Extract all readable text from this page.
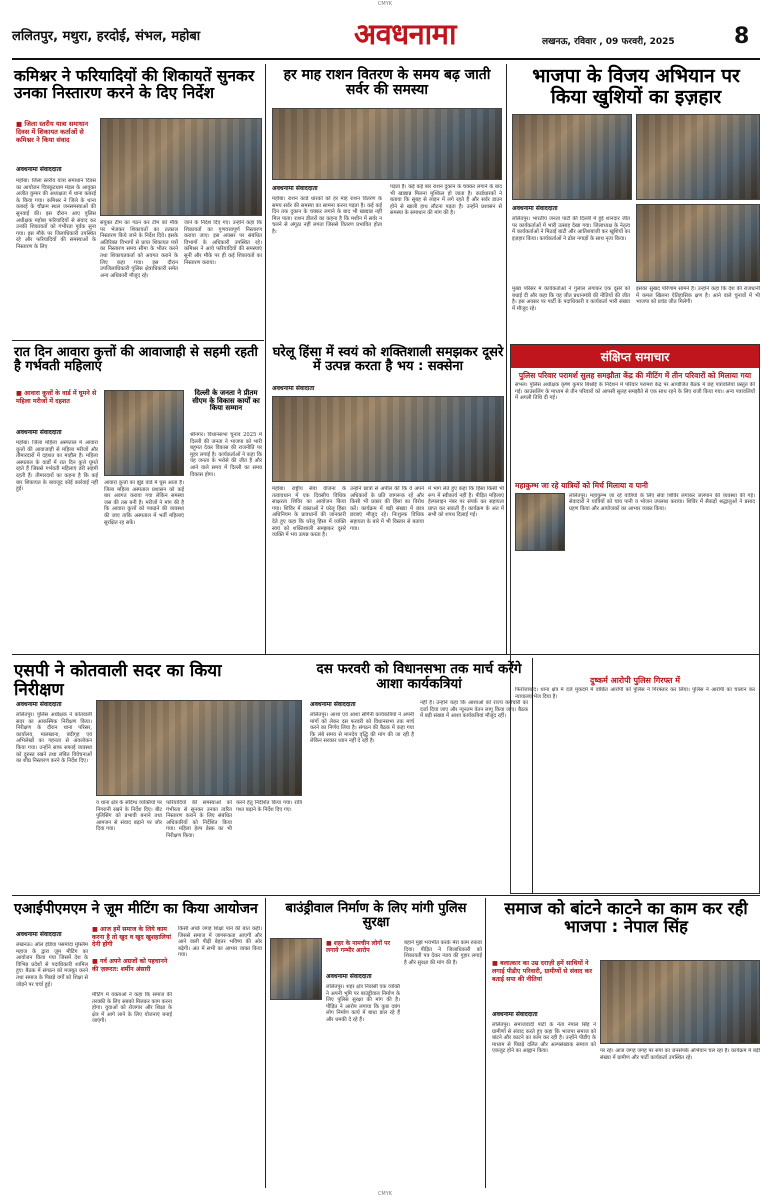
CMYK
ललितपुर, मथुरा, हरदोई, संभल, महोबा	अवधनामा	लखनऊ, रविवार , 09 फरवरी, 2025	8
कमिश्नर ने फरियादियों की शिकायतें सुनकर उनका निस्तारण करने के दिए निर्देश
■ जिला स्तरीय यात्रा समाधान दिवस में शिकायत कर्ताओं से कमिश्नर ने किया संवाद
अवधनामा संवाददाता
महोबा। जिला स्तरीय यात्रा समाधान दिवस का आयोजन चित्रकूटधाम मंडल के आयुक्त अजीत कुमार की अध्यक्षता में थाना कबरई के किया गया। कमिश्नर ने जिले के थाना कबरई के चौक्रम स्थल जनसमस्याओं की सुनवाई की। इस दौरान आए पुलिस अधीक्षक महोबा फरियादियों से संवाद कर उनकी शिकायतों को गंभीरता पूर्वक सुना गया। इस मौके पर जिलाधिकारी उपस्थित रहे और फरियादियों की समस्याओं के निस्तारण के लिए
संयुक्त टीम का गठन कर टीम को मौके पर भेजकर शिकायतों का तत्काल निस्तारण किये जाने के निर्देश दिये। इसके अतिरिक्त विभागों से प्राप्त शिकायत पत्रों का निस्तारण समय सीमा के भीतर करने तथा शिकायतकर्ता को अवगत कराने के लिए कहा गया। इस दौरान उपजिलाधिकारी पुलिस क्षेत्राधिकारी समेत अन्य अधिकारी मौजूद रहे।
जाने के निर्देश दिए गए। उन्होंने कहा कि शिकायतों का गुणवत्तापूर्ण निस्तारण कराया जाए। इस अवसर पर संबंधित विभागों के अधिकारी उपस्थित रहे। कमिश्नर ने आये फरियादियों की समस्याएं सुनीं और मौके पर ही कई शिकायतों का निस्तारण कराया।
हर माह राशन वितरण के समय बढ़ जाती सर्वर की समस्या
अवधनामा संवाददाता
महोबा। राशन कार्ड धारकों को हर माह राशन वितरण के समय सर्वर की समस्या का सामना करना पड़ता है। कई कई दिन तक दुकान के चक्कर लगाने के बाद भी खाद्यान्न नहीं मिल पाता। राशन डीलरों का कहना है कि मशीन में सर्वर न चलने से अंगूठा नहीं लगता जिससे वितरण प्रभावित होता है।
पड़ता है। कई कई बार राशन दुकान के चक्कर लगाने के बाद भी खाद्यान्न मिलना मुश्किल हो जाता है। कार्डधारकों ने बताया कि सुबह से लाइन में लगे रहते हैं और सर्वर डाउन होने से खाली हाथ लौटना पड़ता है। उन्होंने प्रशासन से समस्या के समाधान की मांग की है।
भाजपा के विजय अभियान पर किया खुशियों का इज़हार
अवधनामा संवाददाता
ललितपुर। भारतीय जनता पार्टी की दिल्ली में हुई शानदार जीत पर कार्यकर्ताओं में भारी उत्साह देखा गया। जिलाध्यक्ष के नेतृत्व में कार्यकर्ताओं ने मिठाई बांटी और आतिशबाजी कर खुशियों का इज़हार किया। कार्यकर्ताओं ने ढोल नगाड़ों के साथ नृत्य किया।
मुख्य परिसर में कार्यकर्ताओं ने गुलाल लगाकर एक दूसरे को बधाई दी और कहा कि यह जीत प्रधानमंत्री की नीतियों की जीत है। इस अवसर पर पार्टी के पदाधिकारी व कार्यकर्ता भारी संख्या में मौजूद रहे।
इसका सुखद परिणाम सामने है। उन्होंने कहा कि देश की राजधानी में कमल खिलना ऐतिहासिक क्षण है। आने वाले चुनावों में भी भाजपा को प्रचंड जीत मिलेगी।
रात दिन आवारा कुत्तों की आवाजाही से सहमी रहती है गर्भवती महिलाएं
■ आवारा कुत्तों के वार्ड में घूमने से महिला मरीजों में दहशत
अवधनामा संवाददाता
महोबा। जिला महिला अस्पताल में आवारा कुत्तों की आवाजाही से महिला मरीजों और तीमारदारों में दहशत का माहौल है। महिला अस्पताल के वार्डों में रात दिन कुत्ते घूमते रहते हैं जिससे गर्भवती महिलाएं डरी सहमी रहती हैं। तीमारदारों का कहना है कि कई बार शिकायत के बावजूद कोई कार्रवाई नहीं हुई।
आवारा कुत्तों का झुंड वार्ड में घुस आता है। जिला महिला अस्पताल प्रशासन को कई बार अवगत कराया गया लेकिन समस्या जस की तस बनी है। मरीजों ने मांग की है कि आवारा कुत्तों को पकड़ने की व्यवस्था की जाए ताकि अस्पताल में भर्ती महिलाएं सुरक्षित रह सकें।
दिल्ली के जनता ने प्रीतम सीएम के विकास कार्यों का किया सम्मान
श्रीनगर। विधानसभा चुनाव 2025 में दिल्ली की जनता ने भाजपा को भारी बहुमत देकर विकास की राजनीति पर मुहर लगाई है। कार्यकर्ताओं ने कहा कि यह जनता के भरोसे की जीत है और आने वाले समय में दिल्ली का समग्र विकास होगा।
घरेलू हिंसा में स्वयं को शक्तिशाली समझकर दूसरे में उत्पन्न करता है भय : सक्सेना
अवधनामा संवादाता
महोबा। राष्ट्रीय सेवा योजना के तत्वावधान में एक दिवसीय विधिक साक्षरता शिविर का आयोजन किया गया। शिविर में वक्ताओं ने घरेलू हिंसा अधिनियम के प्रावधानों की जानकारी देते हुए कहा कि घरेलू हिंसा में व्यक्ति स्वयं को शक्तिशाली समझकर दूसरे व्यक्ति में भय उत्पन्न करता है।
उन्होंने छात्रों से अपील की कि वे अपने अधिकारों के प्रति जागरूक रहें और किसी भी प्रकार की हिंसा का विरोध करें। कार्यक्रम में बड़ी संख्या में छात्र छात्राएं मौजूद रहे। निःशुल्क विधिक सहायता के बारे में भी विस्तार से बताया गया।
में भाग लेते हुए कहा कि हिंसा किसी भी रूप में स्वीकार्य नहीं है। पीड़ित महिलाएं हेल्पलाइन नंबर पर संपर्क कर सहायता प्राप्त कर सकती हैं। कार्यक्रम के अंत में सभी को शपथ दिलाई गई।
संक्षिप्त समाचार
पुलिस परिवार परामर्श सुलह समझौता केंद्र की मीटिंग में तीन परिवारों को मिलाया गया
संभल। पुलिस अधीक्षक कृष्ण कुमार बिश्नोई के निर्देशन में परिवार परामर्श केंद्र पर आयोजित बैठक में छह पत्रावलियां प्रस्तुत की गईं। काउंसलिंग के माध्यम से तीन परिवारों को आपसी सुलह समझौते से एक साथ रहने के लिए राजी किया गया। अन्य पत्रावलियों में अगली तिथि दी गई।
महाकुम्भ जा रहे यात्रियों को मिर्च मिलाया व पानी
ललितपुर। महाकुम्भ जा रहे यात्रियों के लिए सेवा शिविर लगाकर जलपान की व्यवस्था की गई। सेवादारों ने यात्रियों को चाय पानी व भोजन उपलब्ध कराया। शिविर में सैकड़ों श्रद्धालुओं ने प्रसाद ग्रहण किया और आयोजकों का आभार व्यक्त किया।
दुष्कर्म आरोपी पुलिस गिरफ्त में
फिरोजाबाद। थाना क्षेत्र में दर्ज मुकदमे में वांछित आरोपी को पुलिस ने गिरफ्तार कर लिया। पुलिस ने आरोपी का चालान कर न्यायालय भेज दिया है।
एसपी ने कोतवाली सदर का किया निरीक्षण
अवधनामा संवाददाता
ललितपुर। पुलिस अधीक्षक ने कोतवाली सदर का आकस्मिक निरीक्षण किया। निरीक्षण के दौरान थाना परिसर, कार्यालय, मालखाना, बंदीगृह एवं अभिलेखों का गहनता से अवलोकन किया गया। उन्होंने साफ सफाई व्यवस्था को दुरुस्त रखने तथा लंबित विवेचनाओं का शीघ्र निस्तारण करने के निर्देश दिए।
व थाना क्षेत्र के संदिग्ध व्यक्तियों पर निगरानी रखने के निर्देश दिए। बीट पुलिसिंग को प्रभावी बनाने तथा आमजन से संवाद बढ़ाने पर जोर दिया गया।
फरियादियों की समस्याओं को गंभीरता से सुनकर उनका त्वरित निस्तारण कराने के लिए संबंधित अधिकारियों को निर्देशित किया गया। महिला हेल्प डेस्क का भी निरीक्षण किया।
करने हेतु निर्देशित किया गया। रात्रि गश्त बढ़ाने के निर्देश दिए गए।
दस फरवरी को विधानसभा तक मार्च करेंगे आशा कार्यकत्रियां
अवधनामा संवाददाता
ललितपुर। आशा एवं आशा संगिनी कार्यकत्रियों ने अपनी मांगों को लेकर दस फरवरी को विधानसभा तक मार्च करने का निर्णय लिया है। संगठन की बैठक में कहा गया कि लंबे समय से मानदेय वृद्धि की मांग की जा रही है लेकिन सरकार ध्यान नहीं दे रही है।
नहीं है। उन्होंने कहा कि आशाओं को राज्य कर्मचारी का दर्जा दिया जाए और न्यूनतम वेतन लागू किया जाए। बैठक में बड़ी संख्या में आशा कार्यकत्रियां मौजूद रहीं।
एआईपीएमएम ने ज़ूम मीटिंग का किया आयोजन
■ आज हमें समाज के लिये काम करना है तो खुद व खुद खुशहालियां देनी होंगी
■ गर्व अपने अग्रजों को पहचानने की ज़रूरत: शर्मीन अंसारी
अवधनामा संवाददाता
लखनऊ। ऑल इंडिया पसमांदा मुस्लिम महाज के द्वारा ज़ूम मीटिंग का आयोजन किया गया जिसमें देश के विभिन्न प्रदेशों से पदाधिकारी शामिल हुए। बैठक में संगठन को मजबूत करने तथा समाज के पिछड़े वर्गों को शिक्षा से जोड़ने पर चर्चा हुई।
मीटिंग में वक्ताओं ने कहा कि समाज की तरक्की के लिए सबको मिलकर काम करना होगा। युवाओं को रोजगार और शिक्षा के क्षेत्र में आगे लाने के लिए योजनाएं बनाई जाएंगी।
किसी अच्छे जगह शिक्षा पाने की बात कही। जिससे समाज में जागरूकता आएगी और आने वाली पीढ़ी बेहतर भविष्य की ओर बढ़ेगी। अंत में सभी का आभार व्यक्त किया गया।
बाउंड्रीवाल निर्माण के लिए मांगी पुलिस सुरक्षा
■ शहर के नामचीन लोगों पर लगाये गम्भीर आरोप
अवधनामा संवाददाता
ललितपुर। शहर क्षेत्र निवासी एक व्यक्ति ने अपनी भूमि पर बाउंड्रीवाल निर्माण के लिए पुलिस सुरक्षा की मांग की है। पीड़ित ने आरोप लगाया कि कुछ दबंग लोग निर्माण कार्य में बाधा डाल रहे हैं और धमकी दे रहे हैं।
बहाने मुझे भयभीत करके मेरा काम रुकवा दिया। पीड़ित ने जिलाधिकारी को शिकायती पत्र देकर न्याय की गुहार लगाई है और सुरक्षा की मांग की है।
समाज को बांटने काटने का काम कर रही भाजपा : नेपाल सिंह
■ बलात्कार का उम्र दराज़ी हमें साथियों ने लगाई पीडीए परिवारी, ग्रामीणों से संवाद कर बताई सपा की नीतियां
अवधनामा संवाददाता
ललितपुर। समाजवादी पार्टी के नेता नेपाल सिंह ने ग्रामीणों से संवाद करते हुए कहा कि भाजपा समाज को बांटने और काटने का काम कर रही है। उन्होंने पीडीए के माध्यम से पिछड़े दलित और अल्पसंख्यक समाज को एकजुट होने का आह्वान किया।	पर रहे। आज जगह जगह पर सपा का जनसंपर्क अभियान चल रहा है। कार्यक्रम में बड़ी संख्या में ग्रामीण और पार्टी कार्यकर्ता उपस्थित रहे।
CMYK
